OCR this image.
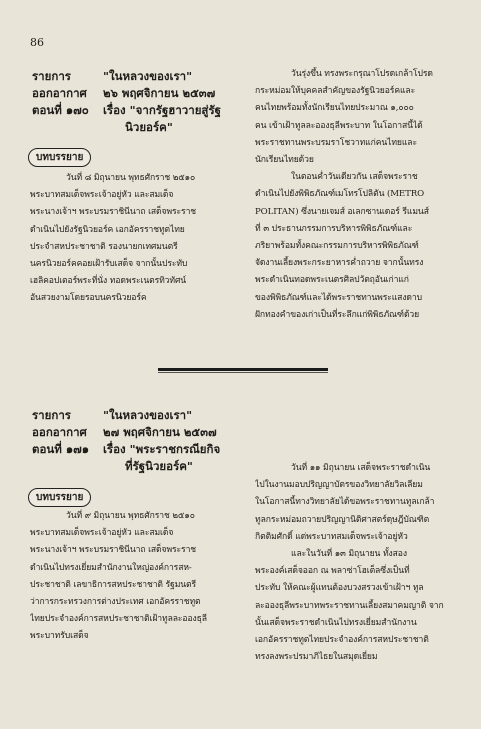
86
รายการ
ออกอากาศ
ตอนที่ ๑๗๐
"ในหลวงของเรา"
๒๖ พฤศจิกายน ๒๕๓๗
เรื่อง "จากรัฐฮาวายสู่รัฐ
นิวยอร์ค"
บทบรรยาย
วันที่ ๘ มิถุนายน พุทธศักราช ๒๕๑๐
พระบาทสมเด็จพระเจ้าอยู่หัว และสมเด็จ
พระนางเจ้าฯ พระบรมราชินีนาถ เสด็จพระราช
ดำเนินไปยังรัฐนิวยอร์ค เอกอัครราชทูตไทย
ประจำสหประชาชาติ รองนายกเทศมนตรี
นครนิวยอร์คคอยเฝ้ารับเสด็จ จากนั้นประทับ
เฮลิคอปเตอร์พระที่นั่ง ทอดพระเนตรทิวทัศน์
อันสวยงามโดยรอบนครนิวยอร์ค
วันรุ่งขึ้น ทรงพระกรุณาโปรดเกล้าโปรด
กระหม่อมให้บุคคลสำคัญของรัฐนิวยอร์คและ
คนไทยพร้อมทั้งนักเรียนไทยประมาณ ๑,๐๐๐
คน เข้าเฝ้าทูลละอองธุลีพระบาท ในโอกาสนี้ได้
พระราชทานพระบรมราโชวาทแก่คนไทยและ
นักเรียนไทยด้วย
ในตอนค่ำวันเดียวกัน เสด็จพระราช
ดำเนินไปยังพิพิธภัณฑ์เมโทรโปลิตัน (METRO
POLITAN) ซึ่งนายเจมส์ อเลกซานเดอร์ รีแมนส์
ที่ ๓ ประธานกรรมการบริหารพิพิธภัณฑ์และ
ภริยาพร้อมทั้งคณะกรรมการบริหารพิพิธภัณฑ์
จัดงานเลี้ยงพระกระยาหารค่ำถวาย จากนั้นทรง
พระดำเนินทอดพระเนตรศิลปวัตถุอันเก่าแก่
ของพิพิธภัณฑ์และได้พระราชทานพระแสงดาบ
ฝักทองคำของเก่าเป็นที่ระลึกแก่พิพิธภัณฑ์ด้วย
รายการ
ออกอากาศ
ตอนที่ ๑๗๑
"ในหลวงของเรา"
๒๗ พฤศจิกายน ๒๕๓๗
เรื่อง "พระราชกรณียกิจ
ที่รัฐนิวยอร์ค"
บทบรรยาย
วันที่ ๙ มิถุนายน พุทธศักราช ๒๕๑๐
พระบาทสมเด็จพระเจ้าอยู่หัว และสมเด็จ
พระนางเจ้าฯ พระบรมราชินีนาถ เสด็จพระราช
ดำเนินไปทรงเยี่ยมสำนักงานใหญ่องค์การสห-
ประชาชาติ เลขาธิการสหประชาชาติ รัฐมนตรี
ว่าการกระทรวงการต่างประเทศ เอกอัครราชทูต
ไทยประจำองค์การสหประชาชาติเฝ้าทูลละอองธุลี
พระบาทรับเสด็จ
วันที่ ๑๑ มิถุนายน เสด็จพระราชดำเนิน
ไปในงานมอบปริญญาบัตรของวิทยาลัยวิลเลียม
ในโอกาสนี้ทางวิทยาลัยได้ขอพระราชทานทูลเกล้า
ทูลกระหม่อมถวายปริญญานิติศาสตร์ดุษฎีบัณฑิต
กิตติมศักดิ์ แด่พระบาทสมเด็จพระเจ้าอยู่หัว
และในวันที่ ๑๓ มิถุนายน ทั้งสอง
พระองค์เสด็จออก ณ พลาซ่าโฮเต็ลซึ่งเป็นที่
ประทับ ให้คณะผู้แทนต้องบวงสรวงเข้าเฝ้าฯ ทูล
ละอองธุลีพระบาทพระราชทานเลี้ยงสมาคมญาติ จาก
นั้นเสด็จพระราชดำเนินไปทรงเยี่ยมสำนักงาน
เอกอัครราชทูตไทยประจำองค์การสหประชาชาติ
ทรงลงพระปรมาภิไธยในสมุดเยี่ยม
